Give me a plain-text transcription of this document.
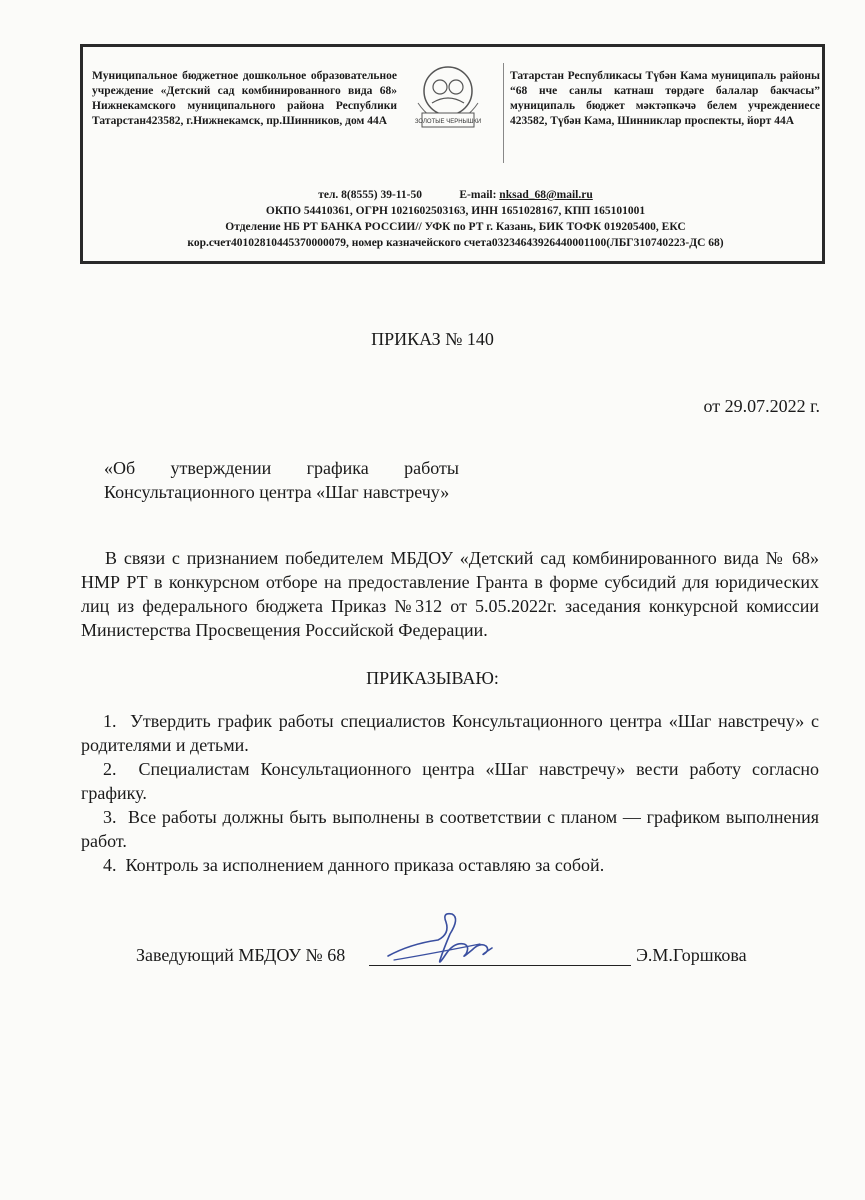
Муниципальное бюджетное дошкольное образовательное учреждение «Детский сад комбинированного вида 68» Нижнекамского муниципального района Республики Татарстан423582, г.Нижнекамск, пр.Шинников, дом 44А	ЗОЛОТЫЕ ЧЕРНЫШКИ
Татарстан Республикасы Түбән Кама муниципаль районы “68 нче санлы катнаш төрдәге балалар бакчасы” муниципаль бюджет мәктәпкәчә белем учреждениесе 423582, Түбән Кама, Шинниклар проспекты, йорт 44А
тел. 8(8555) 39-11-50	E-mail: nksad_68@mail.ru
ОКПО 54410361, ОГРН 1021602503163, ИНН 1651028167, КПП 165101001
Отделение НБ РТ БАНКА РОССИИ// УФК по РТ г. Казань, БИК ТОФК 019205400, ЕКС
кор.счет40102810445370000079, номер казначейского счета03234643926440001100(ЛБГ310740223-ДС 68)
ПРИКАЗ № 140
от 29.07.2022 г.
«Об утверждении графика работы Консультационного центра «Шаг навстречу»
В связи с признанием победителем МБДОУ «Детский сад комбинированного вида № 68» НМР РТ в конкурсном отборе на предоставление Гранта в форме субсидий для юридических лиц из федерального бюджета Приказ №312 от 5.05.2022г. заседания конкурсной комиссии Министерства Просвещения Российской Федерации.
ПРИКАЗЫВАЮ:
1. Утвердить график работы специалистов Консультационного центра «Шаг навстречу» с родителями и детьми.
2. Специалистам Консультационного центра «Шаг навстречу» вести работу согласно графику.
3. Все работы должны быть выполнены в соответствии с планом — графиком выполнения работ.
4. Контроль за исполнением данного приказа оставляю за собой.
Заведующий МБДОУ № 68	Э.М.Горшкова
